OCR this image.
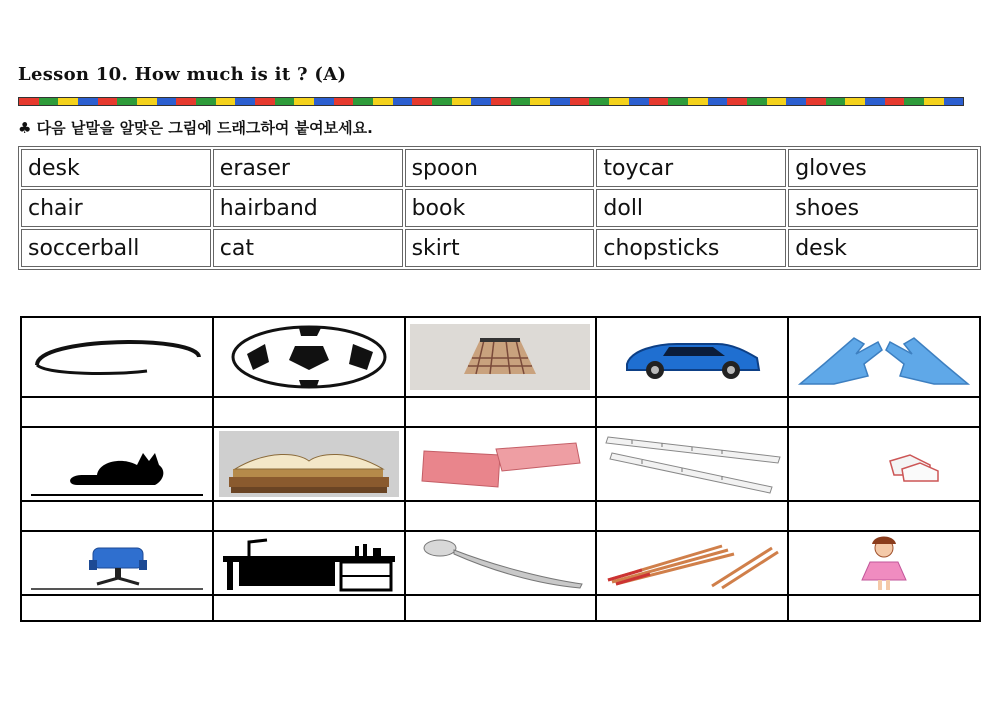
Lesson 10. How much is it ? (A)
♣ 다음 낱말을 알맞은 그림에 드래그하여 붙여보세요.
desk	eraser	spoon	toycar	gloves
chair	hairband	book	doll	shoes
soccerball	cat	skirt	chopsticks	desk
